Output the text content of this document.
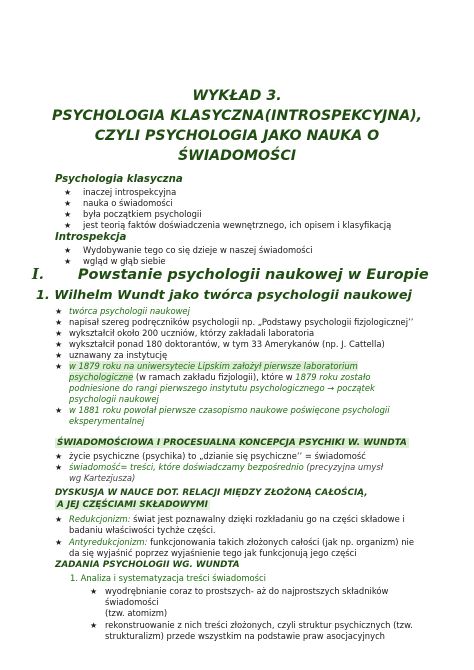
WYKŁAD 3.
PSYCHOLOGIA KLASYCZNA(INTROSPEKCYJNA),
CZYLI PSYCHOLOGIA JAKO NAUKA O
ŚWIADOMOŚCI
Psychologia klasyczna
★ inaczej introspekcyjna
★ nauka o świadomości
★ była początkiem psychologii
★ jest teorią faktów doświadczenia wewnętrznego, ich opisem i klasyfikacją
Introspekcja
★ Wydobywanie tego co się dzieje w naszej świadomości
★ wgląd w głąb siebie
I. Powstanie psychologii naukowej w Europie
1. Wilhelm Wundt jako twórca psychologii naukowej
★ twórca psychologii naukowej
★ napisał szereg podręczników psychologii np. „Podstawy psychologii fizjologicznej’’
★ wykształcił około 200 uczniów, którzy zakładali laboratoria
★ wykształcił ponad 180 doktorantów, w tym 33 Amerykanów (np. J. Cattella)
★ uznawany za instytucję
★ w 1879 roku na uniwersytecie Lipskim założył pierwsze laboratorium
psychologiczne (w ramach zakładu fizjologii), które w 1879 roku zostało
podniesione do rangi pierwszego instytutu psychologicznego → początek
psychologii naukowej
★ w 1881 roku powołał pierwsze czasopismo naukowe poświęcone psychologii
eksperymentalnej
ŚWIADOMOŚCIOWA I PROCESUALNA KONCEPCJA PSYCHIKI W. WUNDTA
★ życie psychiczne (psychika) to „dzianie się psychiczne’’ = świadomość
★ świadomość= treści, które doświadczamy bezpośrednio (precyzyjna umysł
wg Kartezjusza)
DYSKUSJA W NAUCE DOT. RELACJI MIĘDZY ZŁOŻONĄ CAŁOŚCIĄ,
A JEJ CZĘŚCIAMI SKŁADOWYMI
★ Redukcjonizm: świat jest poznawalny dzięki rozkładaniu go na części składowe i
badaniu właściwości tychże części.
★ Antyredukcjonizm: funkcjonowania takich złożonych całości (jak np. organizm) nie
da się wyjaśnić poprzez wyjaśnienie tego jak funkcjonują jego części
ZADANIA PSYCHOLOGII WG. WUNDTA
1. Analiza i systematyzacja treści świadomości
★ wyodrębnianie coraz to prostszych- aż do najprostszych składników
świadomości
(tzw. atomizm)
★ rekonstruowanie z nich treści złożonych, czyli struktur psychicznych (tzw.
strukturalizm) przede wszystkim na podstawie praw asocjacyjnych
